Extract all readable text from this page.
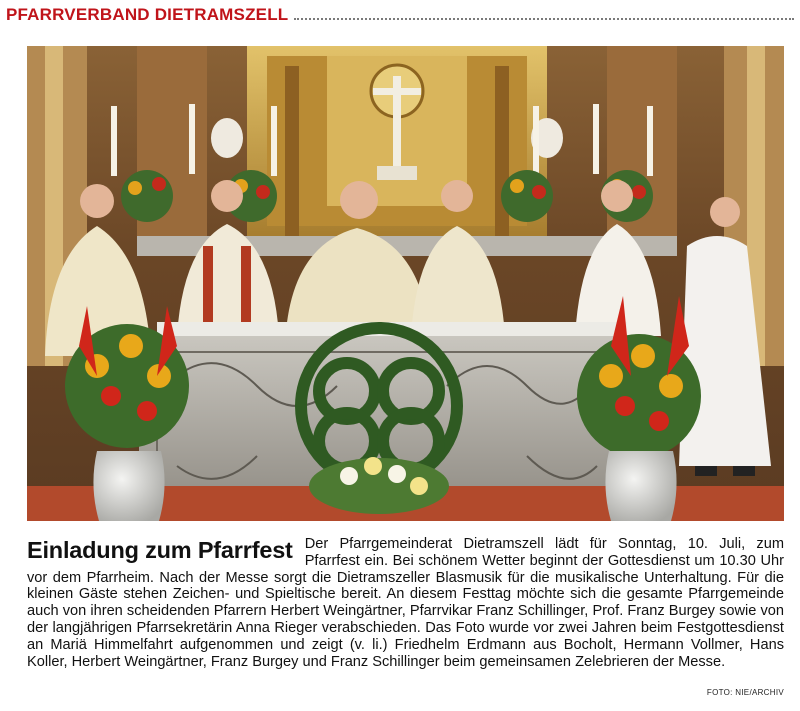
PFARRVERBAND DIETRAMSZELL
Einladung zum Pfarrfest Der Pfarrgemeinderat Dietramszell lädt für Sonntag, 10. Juli, zum Pfarrfest ein. Bei schönem Wetter beginnt der Gottesdienst um 10.30 Uhr vor dem Pfarrheim. Nach der Messe sorgt die Dietramszeller Blasmusik für die musikalische Unterhaltung. Für die kleinen Gäste stehen Zeichen- und Spieltische bereit. An diesem Festtag möchte sich die gesamte Pfarrgemeinde auch von ihren scheidenden Pfarrern Herbert Weingärtner, Pfarrvikar Franz Schillinger, Prof. Franz Burgey sowie von der langjährigen Pfarrsekretärin Anna Rieger verabschieden. Das Foto wurde vor zwei Jahren beim Festgottesdienst an Mariä Himmelfahrt aufgenommen und zeigt (v. li.) Friedhelm Erdmann aus Bocholt, Hermann Vollmer, Hans Koller, Herbert Weingärtner, Franz Burgey und Franz Schillinger beim gemeinsamen Zelebrieren der Messe.
FOTO: NIE/ARCHIV
